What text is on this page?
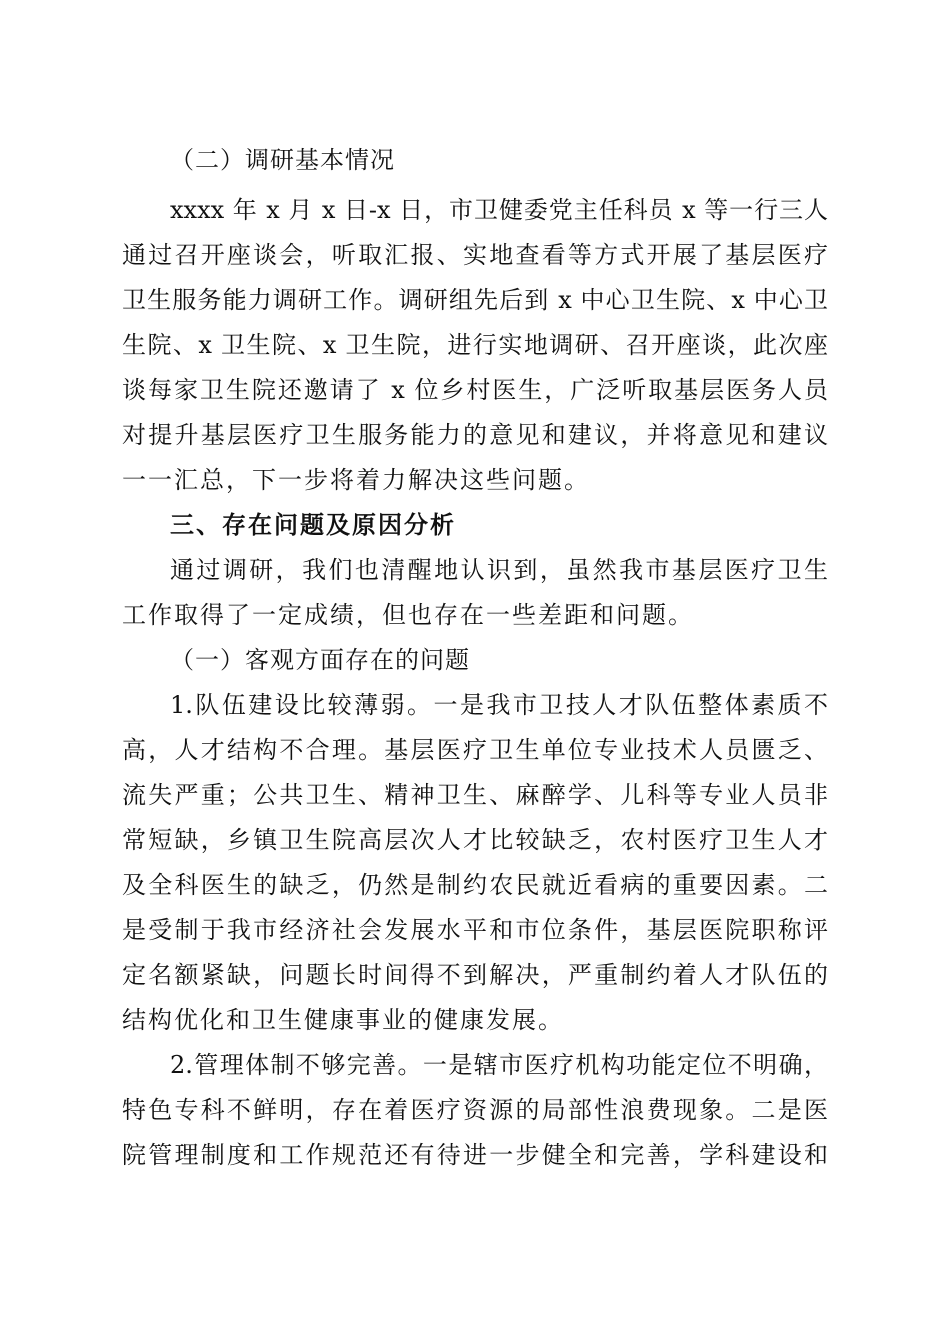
（二）调研基本情况
xxxx 年 x 月 x 日-x 日，市卫健委党主任科员 x 等一行三人
通过召开座谈会，听取汇报、实地查看等方式开展了基层医疗
卫生服务能力调研工作。调研组先后到 x 中心卫生院、x 中心卫
生院、x 卫生院、x 卫生院，进行实地调研、召开座谈，此次座
谈每家卫生院还邀请了 x 位乡村医生，广泛听取基层医务人员
对提升基层医疗卫生服务能力的意见和建议，并将意见和建议
一一汇总，下一步将着力解决这些问题。
三、存在问题及原因分析
通过调研，我们也清醒地认识到，虽然我市基层医疗卫生
工作取得了一定成绩，但也存在一些差距和问题。
（一）客观方面存在的问题
1.队伍建设比较薄弱。一是我市卫技人才队伍整体素质不
高，人才结构不合理。基层医疗卫生单位专业技术人员匮乏、
流失严重；公共卫生、精神卫生、麻醉学、儿科等专业人员非
常短缺，乡镇卫生院高层次人才比较缺乏，农村医疗卫生人才
及全科医生的缺乏，仍然是制约农民就近看病的重要因素。二
是受制于我市经济社会发展水平和市位条件，基层医院职称评
定名额紧缺，问题长时间得不到解决，严重制约着人才队伍的
结构优化和卫生健康事业的健康发展。
2.管理体制不够完善。一是辖市医疗机构功能定位不明确，
特色专科不鲜明，存在着医疗资源的局部性浪费现象。二是医
院管理制度和工作规范还有待进一步健全和完善，学科建设和
